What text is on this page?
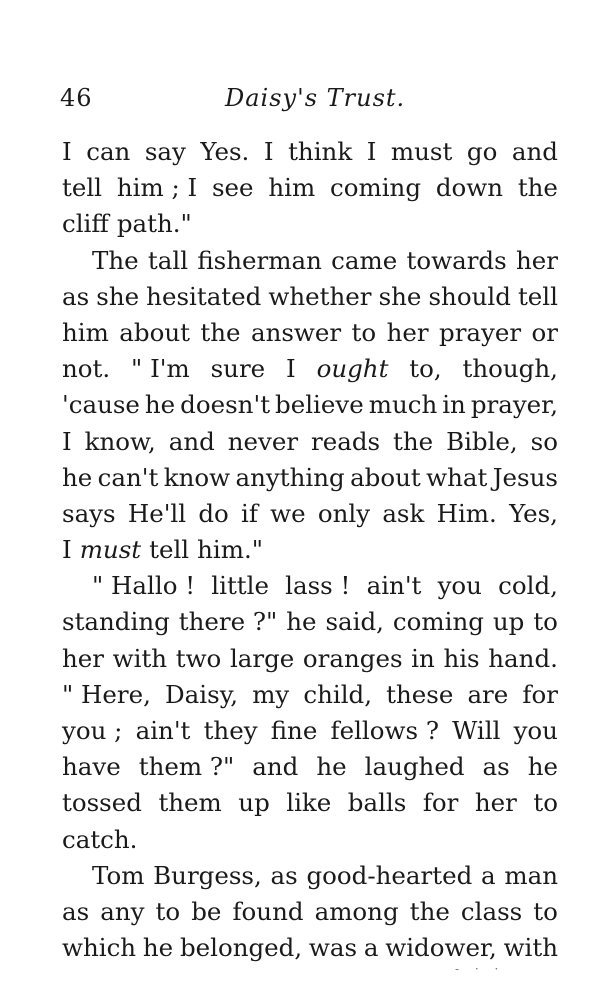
46	Daisy's Trust.
I can say Yes. I think I must go and
tell him ; I see him coming down the
cliff path."
The tall fisherman came towards her
as she hesitated whether she should tell
him about the answer to her prayer or
not. " I'm sure I ought to, though,
'cause he doesn't believe much in prayer,
I know, and never reads the Bible, so
he can't know anything about what Jesus
says He'll do if we only ask Him. Yes,
I must tell him."
" Hallo ! little lass ! ain't you cold,
standing there ?" he said, coming up to
her with two large oranges in his hand.
" Here, Daisy, my child, these are for
you ; ain't they fine fellows ? Will you
have them ?" and he laughed as he
tossed them up like balls for her to
catch.
Tom Burgess, as good-hearted a man
as any to be found among the class to
which he belonged, was a widower, with
- · ·
